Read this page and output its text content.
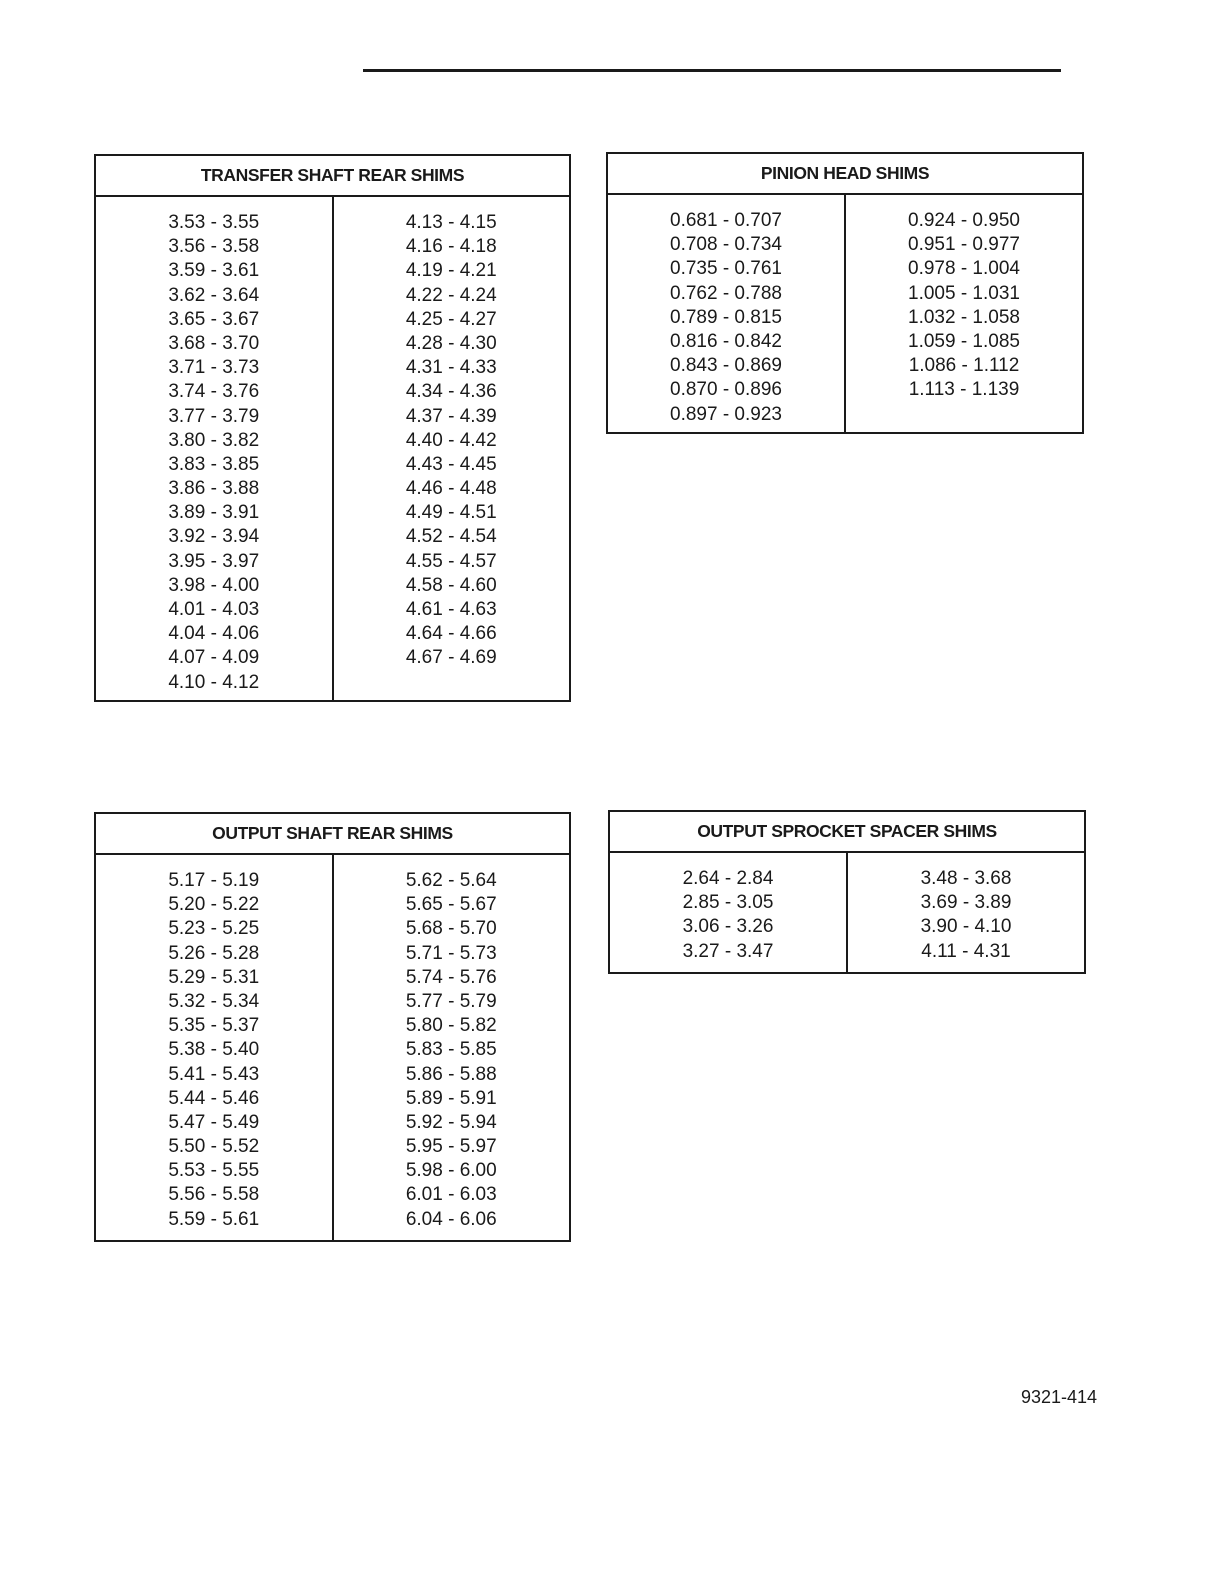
TRANSFER SHAFT REAR SHIMS
3.53 - 3.55
3.56 - 3.58
3.59 - 3.61
3.62 - 3.64
3.65 - 3.67
3.68 - 3.70
3.71 - 3.73
3.74 - 3.76
3.77 - 3.79
3.80 - 3.82
3.83 - 3.85
3.86 - 3.88
3.89 - 3.91
3.92 - 3.94
3.95 - 3.97
3.98 - 4.00
4.01 - 4.03
4.04 - 4.06
4.07 - 4.09
4.10 - 4.12
4.13 - 4.15
4.16 - 4.18
4.19 - 4.21
4.22 - 4.24
4.25 - 4.27
4.28 - 4.30
4.31 - 4.33
4.34 - 4.36
4.37 - 4.39
4.40 - 4.42
4.43 - 4.45
4.46 - 4.48
4.49 - 4.51
4.52 - 4.54
4.55 - 4.57
4.58 - 4.60
4.61 - 4.63
4.64 - 4.66
4.67 - 4.69
PINION HEAD SHIMS
0.681 - 0.707
0.708 - 0.734
0.735 - 0.761
0.762 - 0.788
0.789 - 0.815
0.816 - 0.842
0.843 - 0.869
0.870 - 0.896
0.897 - 0.923
0.924 - 0.950
0.951 - 0.977
0.978 - 1.004
1.005 - 1.031
1.032 - 1.058
1.059 - 1.085
1.086 - 1.112
1.113 - 1.139
OUTPUT SHAFT REAR SHIMS
5.17 - 5.19
5.20 - 5.22
5.23 - 5.25
5.26 - 5.28
5.29 - 5.31
5.32 - 5.34
5.35 - 5.37
5.38 - 5.40
5.41 - 5.43
5.44 - 5.46
5.47 - 5.49
5.50 - 5.52
5.53 - 5.55
5.56 - 5.58
5.59 - 5.61
5.62 - 5.64
5.65 - 5.67
5.68 - 5.70
5.71 - 5.73
5.74 - 5.76
5.77 - 5.79
5.80 - 5.82
5.83 - 5.85
5.86 - 5.88
5.89 - 5.91
5.92 - 5.94
5.95 - 5.97
5.98 - 6.00
6.01 - 6.03
6.04 - 6.06
OUTPUT SPROCKET SPACER SHIMS
2.64 - 2.84
2.85 - 3.05
3.06 - 3.26
3.27 - 3.47
3.48 - 3.68
3.69 - 3.89
3.90 - 4.10
4.11 - 4.31
9321-414
